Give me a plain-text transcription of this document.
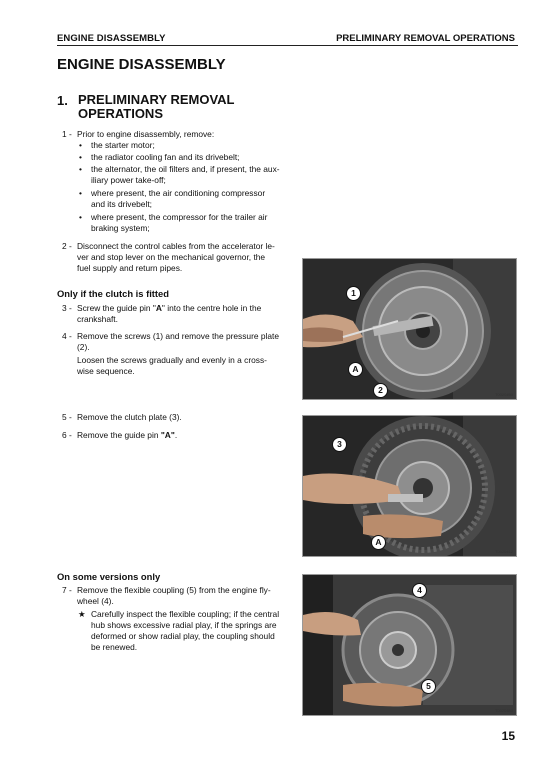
ENGINE DISASSEMBLY	PRELIMINARY REMOVAL OPERATIONS
ENGINE DISASSEMBLY
1. PRELIMINARY REMOVAL
OPERATIONS
1 - Prior to engine disassembly, remove:
• the starter motor;
• the radiator cooling fan and its drivebelt;
• the alternator, the oil filters and, if present, the aux-
iliary power take-off;
• where present, the air conditioning compressor
and its drivebelt;
• where present, the compressor for the trailer air
braking system;
2 - Disconnect the control cables from the accelerator le-
ver and stop lever on the mechanical governor, the
fuel supply and return pipes.
Only if the clutch is fitted
3 - Screw the guide pin "A" into the centre hole in the
crankshaft.
4 - Remove the screws (1) and remove the pressure plate
(2).
Loosen the screws gradually and evenly in a cross-
wise sequence.
5 - Remove the clutch plate (3).
6 - Remove the guide pin "A".
On some versions only
7 - Remove the flexible coupling (5) from the engine fly-
wheel (4).
★ Carefully inspect the flexible coupling; if the central
hub shows excessive radial play, if the springs are
deformed or show radial play, the coupling should
be renewed.
1
A
2	T0020490
3
A
T0020412
4
5
T0020480
15
